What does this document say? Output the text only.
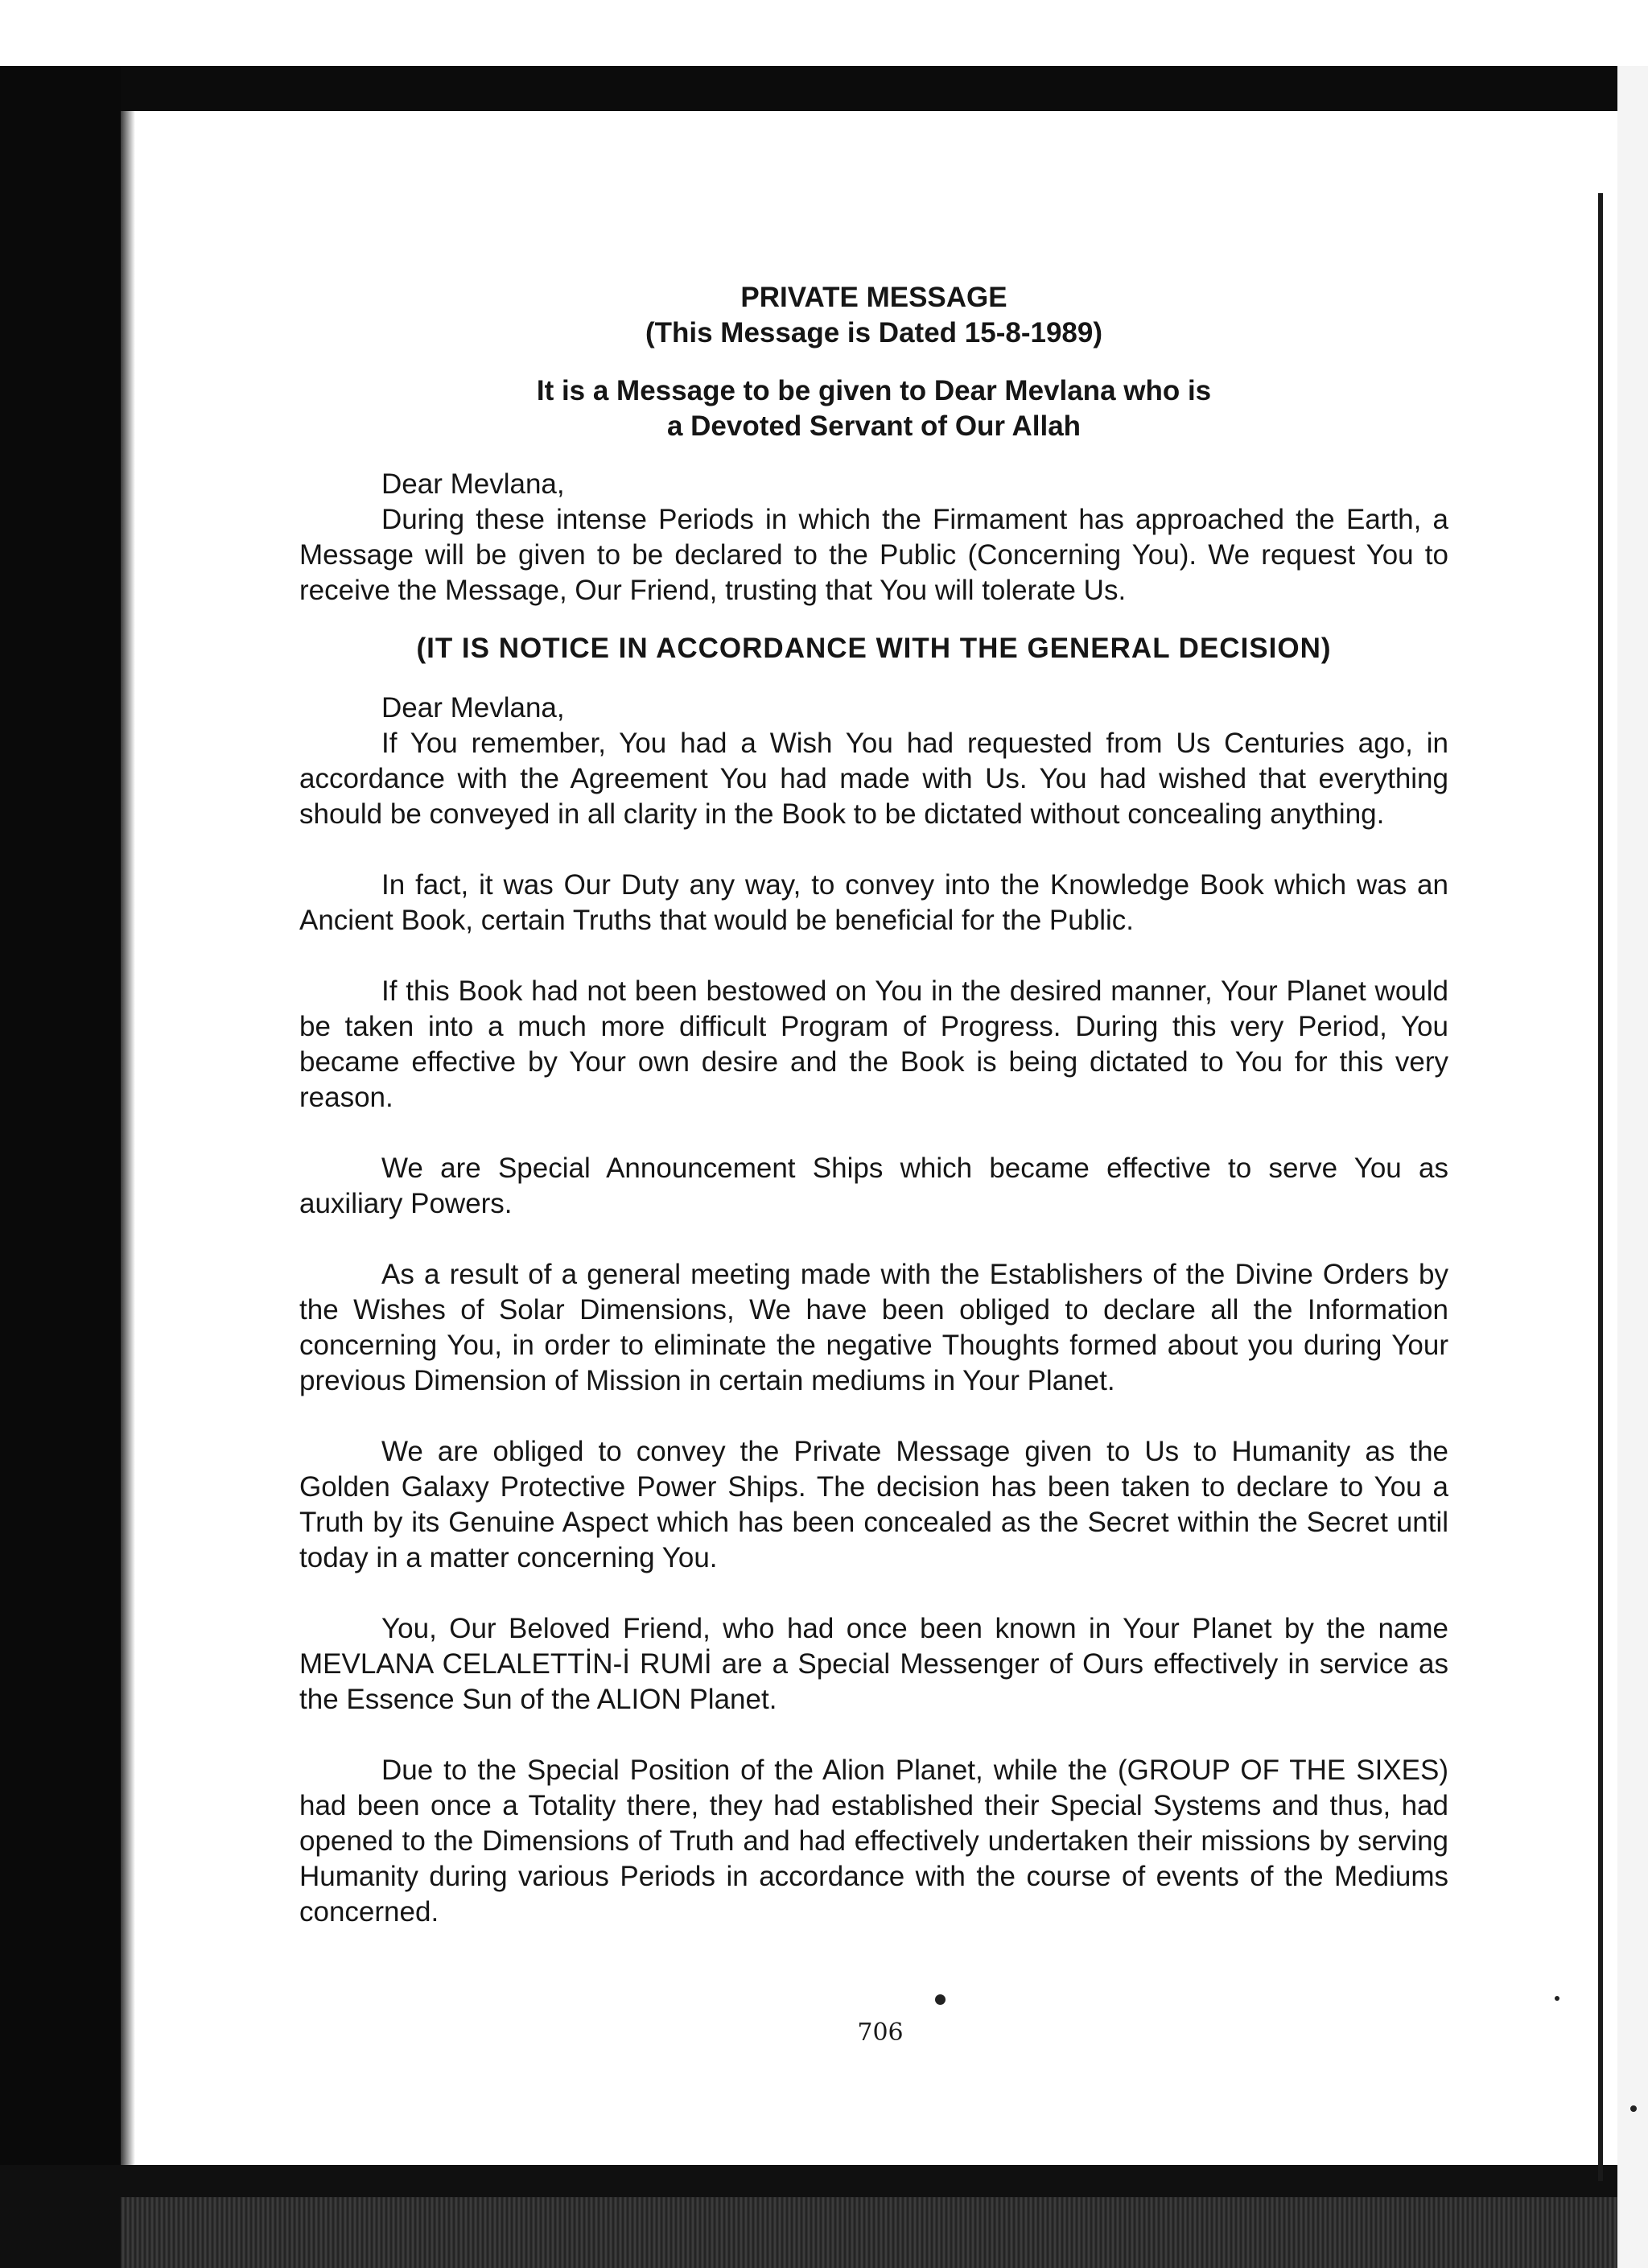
PRIVATE MESSAGE
(This Message is Dated 15-8-1989)
It is a Message to be given to Dear Mevlana who is
a Devoted Servant of Our Allah
Dear Mevlana,

During these intense Periods in which the Firmament has approached the Earth, a Message will be given to be declared to the Public (Concerning You). We request You to receive the Message, Our Friend, trusting that You will tolerate Us.

(IT IS NOTICE IN ACCORDANCE WITH THE GENERAL DECISION)
Dear Mevlana,

If You remember, You had a Wish You had requested from Us Centuries ago, in accordance with the Agreement You had made with Us. You had wished that everything should be conveyed in all clarity in the Book to be dictated without concealing anything.

In fact, it was Our Duty any way, to convey into the Knowledge Book which was an Ancient Book, certain Truths that would be beneficial for the Public.

If this Book had not been bestowed on You in the desired manner, Your Planet would be taken into a much more difficult Program of Progress. During this very Period, You became effective by Your own desire and the Book is being dictated to You for this very reason.

We are Special Announcement Ships which became effective to serve You as auxiliary Powers.

As a result of a general meeting made with the Establishers of the Divine Orders by the Wishes of Solar Dimensions, We have been obliged to declare all the Information concerning You, in order to eliminate the negative Thoughts formed about you during Your previous Dimension of Mission in certain mediums in Your Planet.

We are obliged to convey the Private Message given to Us to Humanity as the Golden Galaxy Protective Power Ships. The decision has been taken to declare to You a Truth by its Genuine Aspect which has been concealed as the Secret within the Secret until today in a matter concerning You.

You, Our Beloved Friend, who had once been known in Your Planet by the name MEVLANA CELALETTİN-İ RUMİ are a Special Messenger of Ours effectively in service as the Essence Sun of the ALION Planet.

Due to the Special Position of the Alion Planet, while the (GROUP OF THE SIXES) had been once a Totality there, they had established their Special Systems and thus, had opened to the Dimensions of Truth and had effectively undertaken their missions by serving Humanity during various Periods in accordance with the course of events of the Mediums concerned.

706
